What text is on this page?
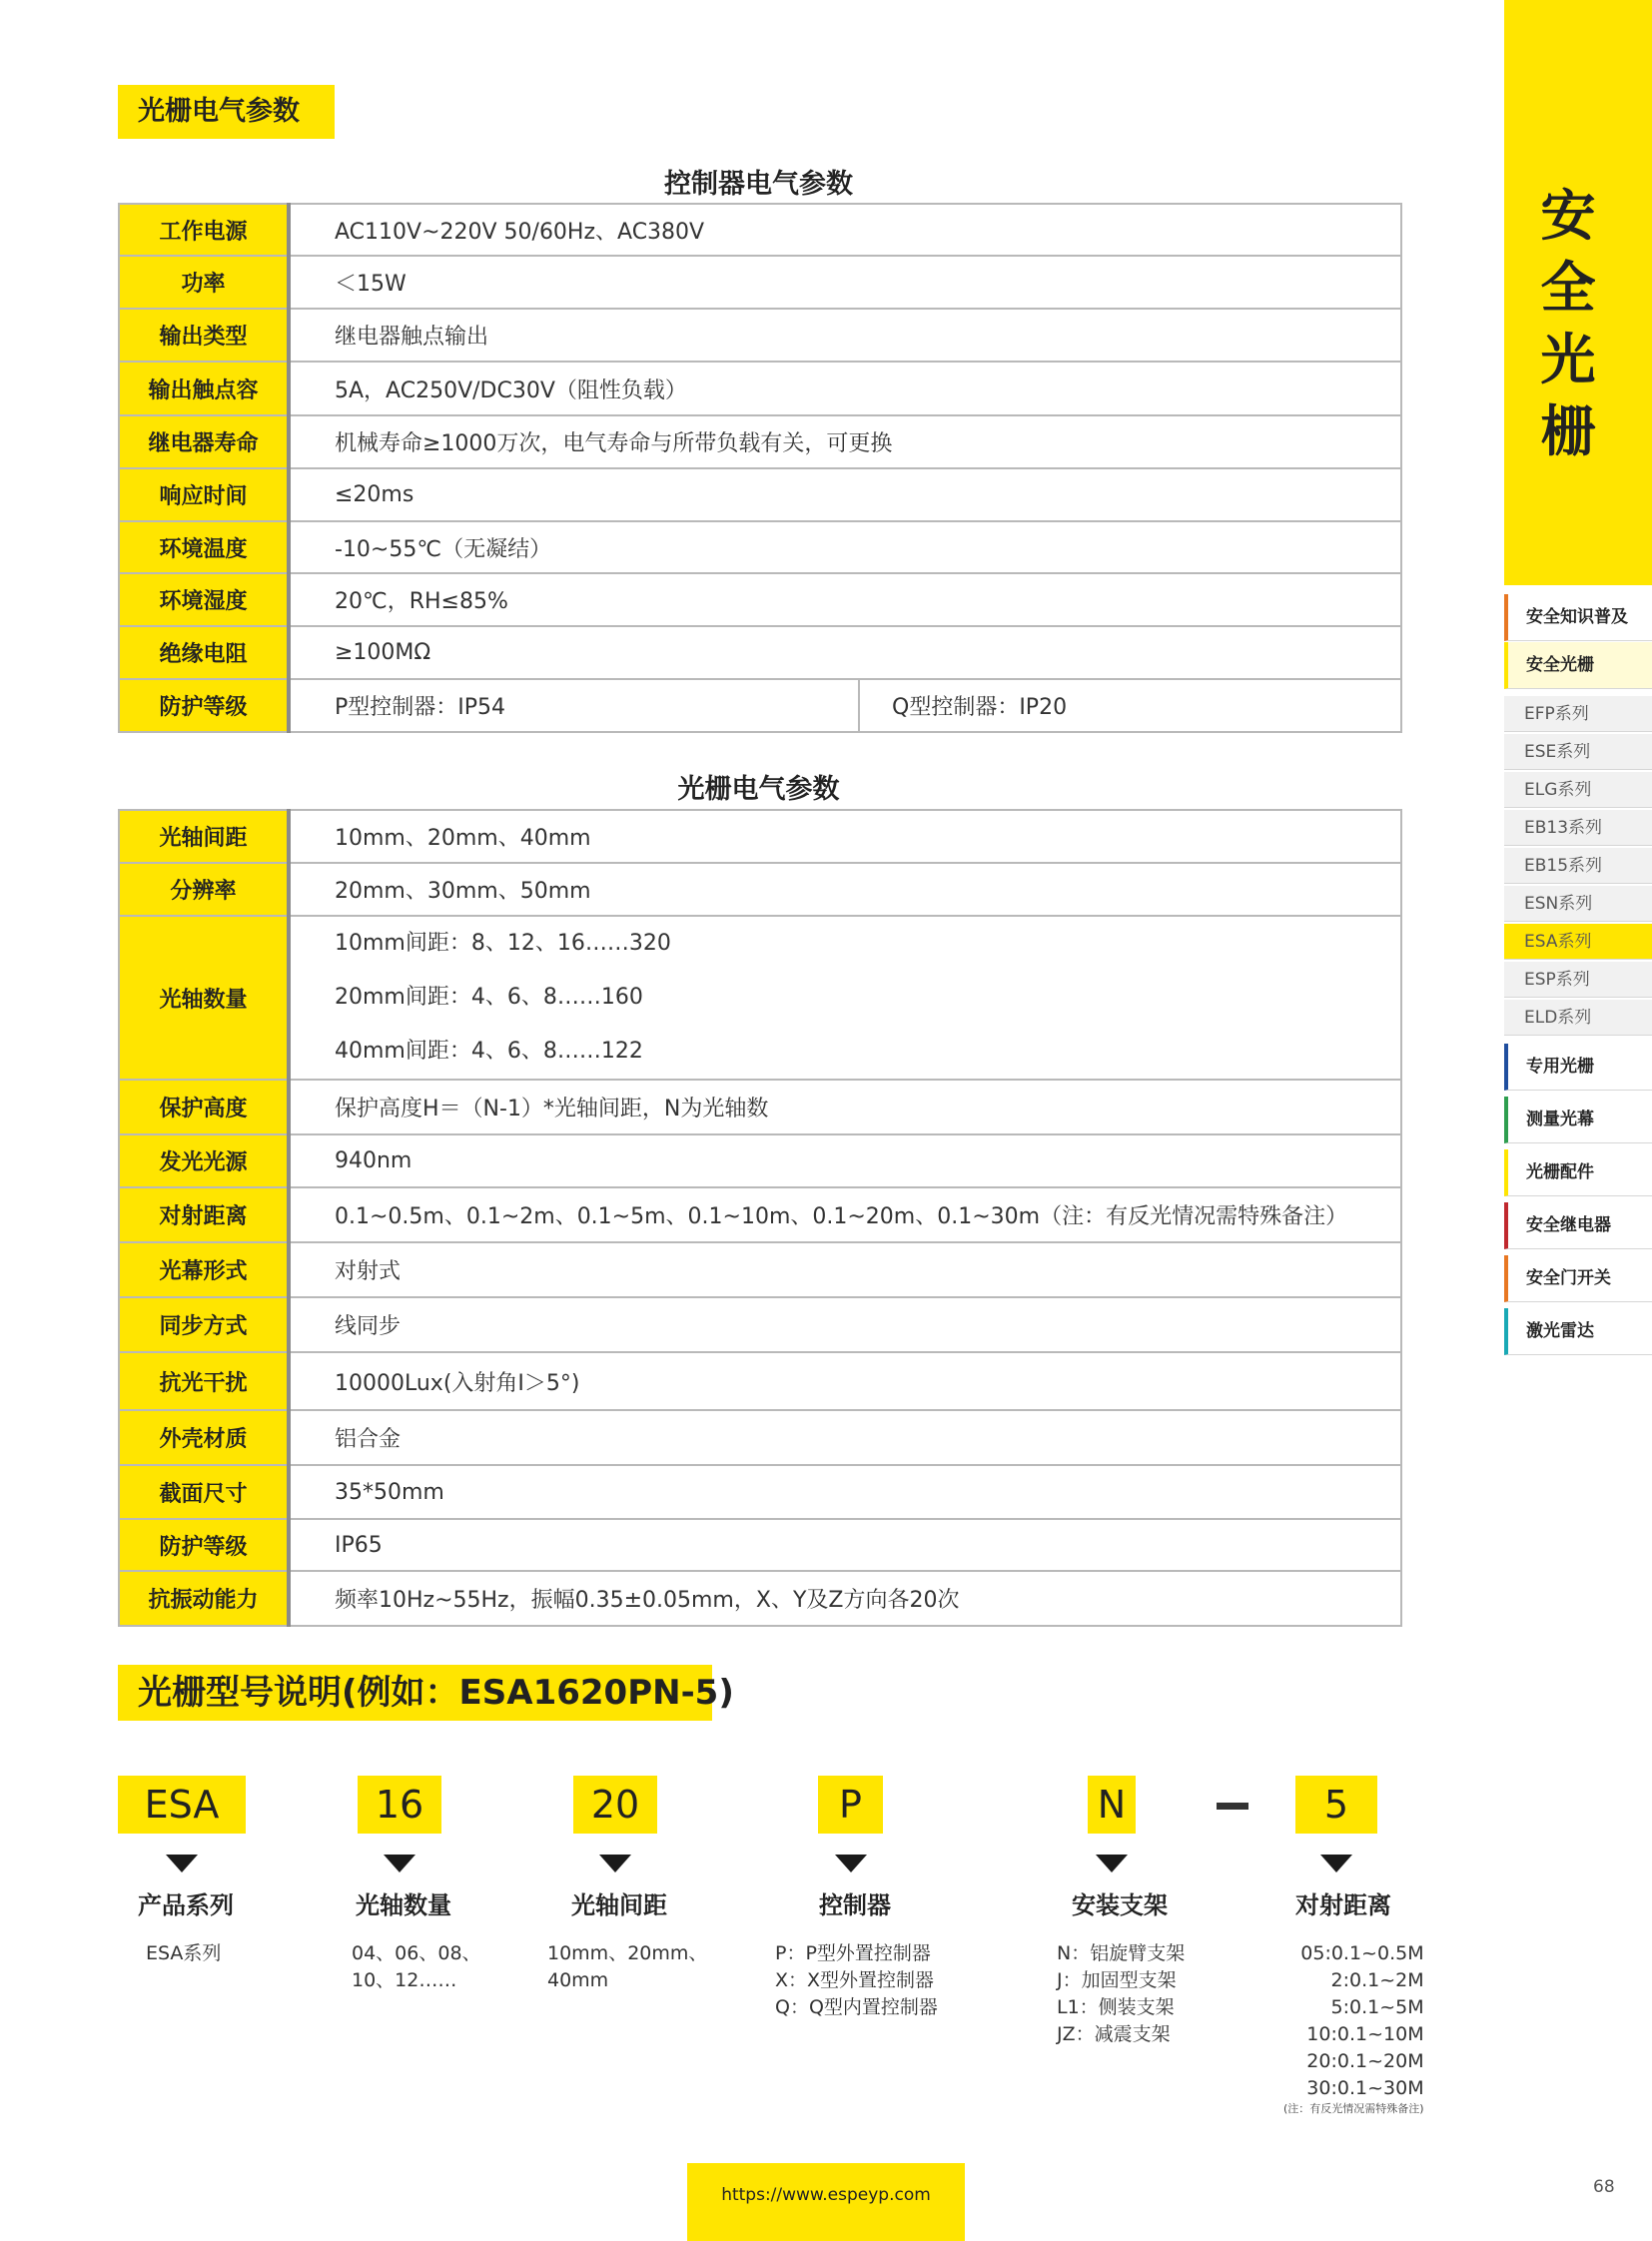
光栅电气参数
控制器电气参数
工作电源	AC110V~220V 50/60Hz、AC380V	
功率	＜15W	
输出类型	继电器触点输出	
输出触点容	5A，AC250V/DC30V（阻性负载）	
继电器寿命	机械寿命≥1000万次，电气寿命与所带负载有关，可更换	
响应时间	≤20ms	
环境温度	-10~55℃（无凝结）	
环境湿度	20℃，RH≤85%	
绝缘电阻	≥100MΩ	
防护等级	P型控制器：IP54	Q型控制器：IP20
光栅电气参数
光轴间距	10mm、20mm、40mm
分辨率	20mm、30mm、50mm
光轴数量	10mm间距：8、12、16……320
20mm间距：4、6、8……160
40mm间距：4、6、8……122

保护高度	保护高度H＝（N-1）*光轴间距，N为光轴数
发光光源	940nm
对射距离	0.1~0.5m、0.1~2m、0.1~5m、0.1~10m、0.1~20m、0.1~30m（注：有反光情况需特殊备注）
光幕形式	对射式
同步方式	线同步
抗光干扰	10000Lux(入射角I＞5°)
外壳材质	铝合金
截面尺寸	35*50mm
防护等级	IP65
抗振动能力	频率10Hz~55Hz，振幅0.35±0.05mm，X、Y及Z方向各20次
安
全
光
栅
安全知识普及
安全光栅
EFP系列
ESE系列
ELG系列
EB13系列
EB15系列
ESN系列
ESA系列
ESP系列
ELD系列
专用光栅
测量光幕
光栅配件
安全继电器
安全门开关
激光雷达
光栅型号说明(例如：ESA1620PN-5)
ESA
产品系列
ESA系列
16
光轴数量
04、06、08、
10、12……
20
光轴间距
10mm、20mm、
40mm
P
控制器
P：P型外置控制器
X：X型外置控制器
Q：Q型内置控制器
N
安装支架
N：铝旋臂支架
J：加固型支架
L1：侧装支架
JZ：减震支架
5
对射距离
05:0.1~0.5M
2:0.1~2M
5:0.1~5M
10:0.1~10M
20:0.1~20M
30:0.1~30M
(注：有反光情况需特殊备注)
https://www.espeyp.com	68
